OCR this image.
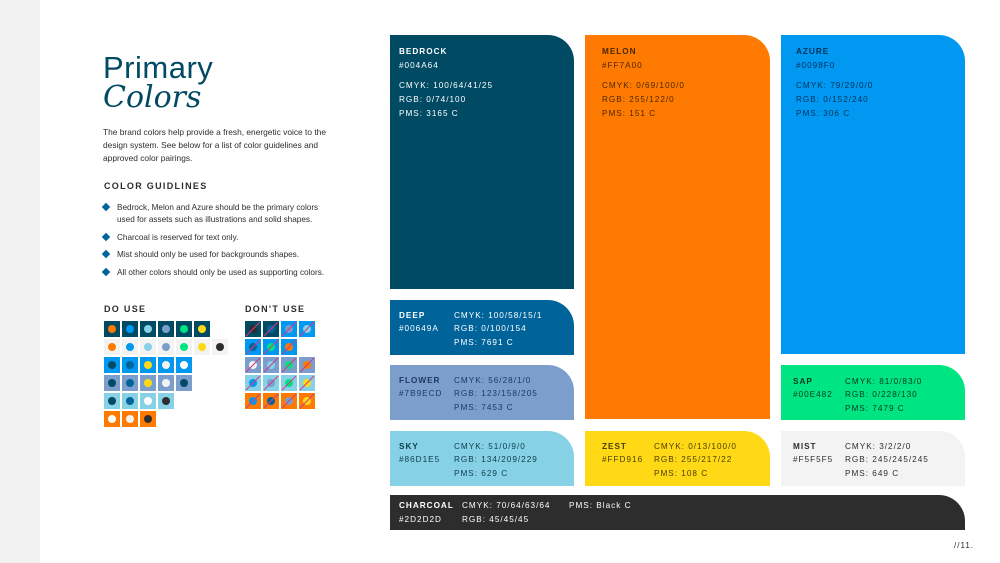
Primary
Colors

The brand colors help provide a fresh, energetic voice to the design system. See below for a list of color guidelines and approved color pairings.

COLOR GUIDLINES
Bedrock, Melon and Azure should be the primary colors used for assets such as illustrations and solid shapes.
Charcoal is reserved for text only.
Mist should only be used for backgrounds shapes.
All other colors should only be used as supporting colors.
DO USE	DON'T USE
BEDROCK
#004A64
CMYK: 100/64/41/25
RGB: 0/74/100
PMS: 3165 C
MELON
#FF7A00
CMYK: 0/69/100/0
RGB: 255/122/0
PMS: 151 C
AZURE
#0098F0
CMYK: 79/29/0/0
RGB: 0/152/240
PMS: 306 C
DEEP
#00649A
CMYK: 100/58/15/1
RGB: 0/100/154
PMS: 7691 C
FLOWER
#7B9ECD
CMYK: 56/28/1/0
RGB: 123/158/205
PMS: 7453 C
SAP
#00E482
CMYK: 81/0/83/0
RGB: 0/228/130
PMS: 7479 C
SKY
#86D1E5
CMYK: 51/0/9/0
RGB: 134/209/229
PMS: 629 C
ZEST
#FFD916
CMYK: 0/13/100/0
RGB: 255/217/22
PMS: 108 C
MIST
#F5F5F5
CMYK: 3/2/2/0
RGB: 245/245/245
PMS: 649 C
CHARCOAL
#2D2D2D
CMYK: 70/64/63/64
RGB: 45/45/45
PMS: Black C
//11.
